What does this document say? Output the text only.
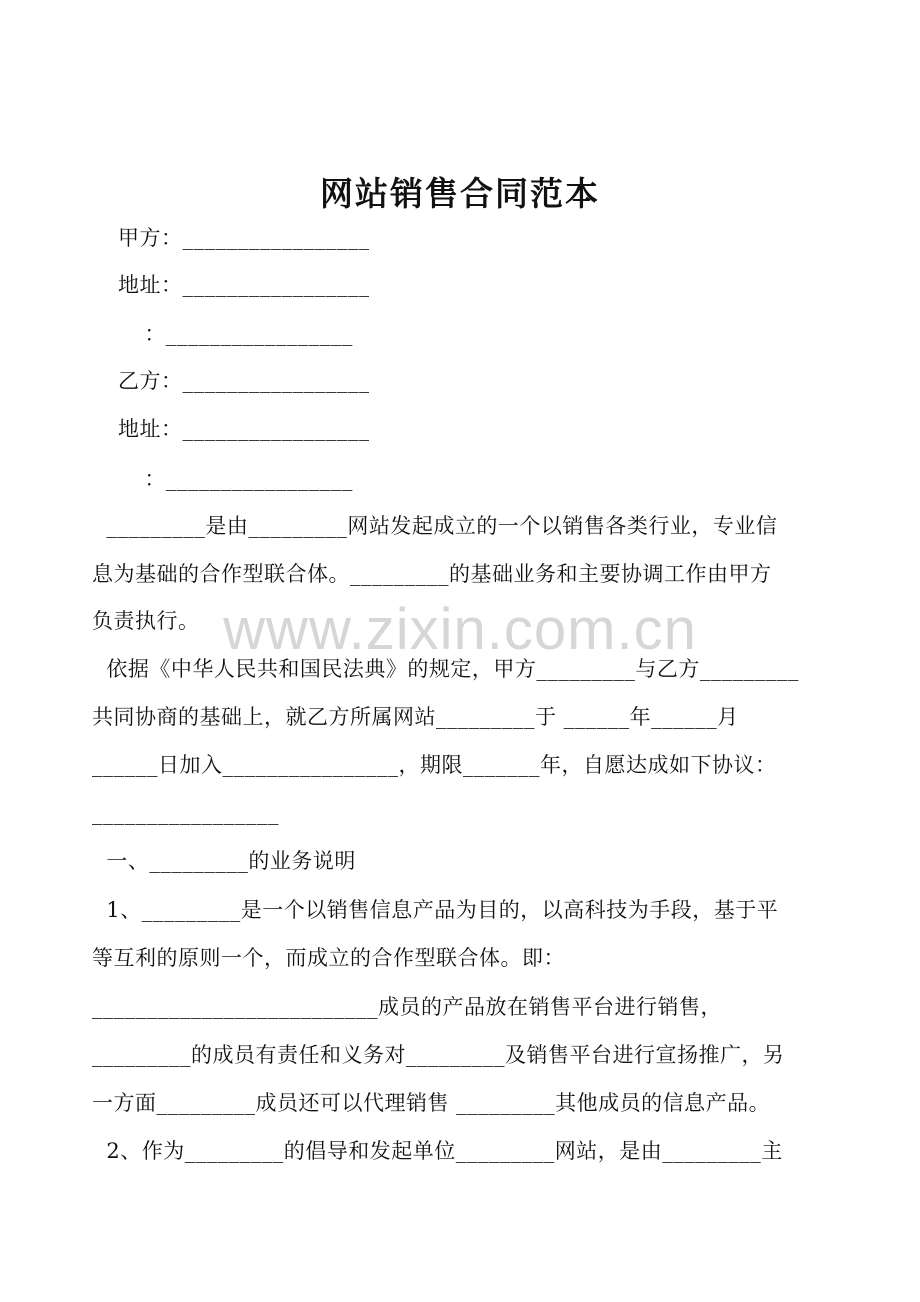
www.zixin.com.cn
网站销售合同范本
甲方：_________________
地址：_________________
：_________________
乙方：_________________
地址：_________________
：_________________
_________是由_________网站发起成立的一个以销售各类行业，专业信
息为基础的合作型联合体。_________的基础业务和主要协调工作由甲方
负责执行。
依据《中华人民共和国民法典》的规定，甲方_________与乙方_________
共同协商的基础上，就乙方所属网站_________于 ______年______月
______日加入________________，期限_______年，自愿达成如下协议：
_________________
一、_________的业务说明
1、_________是一个以销售信息产品为目的，以高科技为手段，基于平
等互利的原则一个，而成立的合作型联合体。即：
__________________________成员的产品放在销售平台进行销售，
_________的成员有责任和义务对_________及销售平台进行宣扬推广，另
一方面_________成员还可以代理销售 _________其他成员的信息产品。
2、作为_________的倡导和发起单位_________网站，是由_________主
